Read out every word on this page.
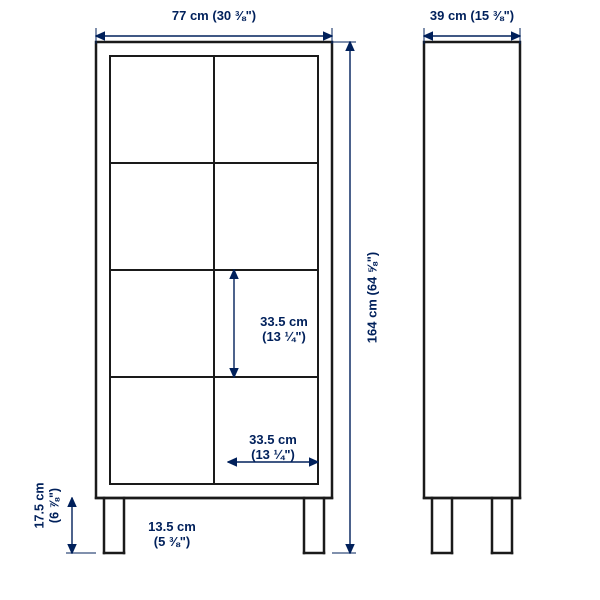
77 cm (30 ⅜")	39 cm (15 ⅜")
164 cm (64 ⅝")
33.5 cm
(13 ¼")
33.5 cm
(13 ¼")
17.5 cm (6 ⅞")
13.5 cm
(5 ⅜")
